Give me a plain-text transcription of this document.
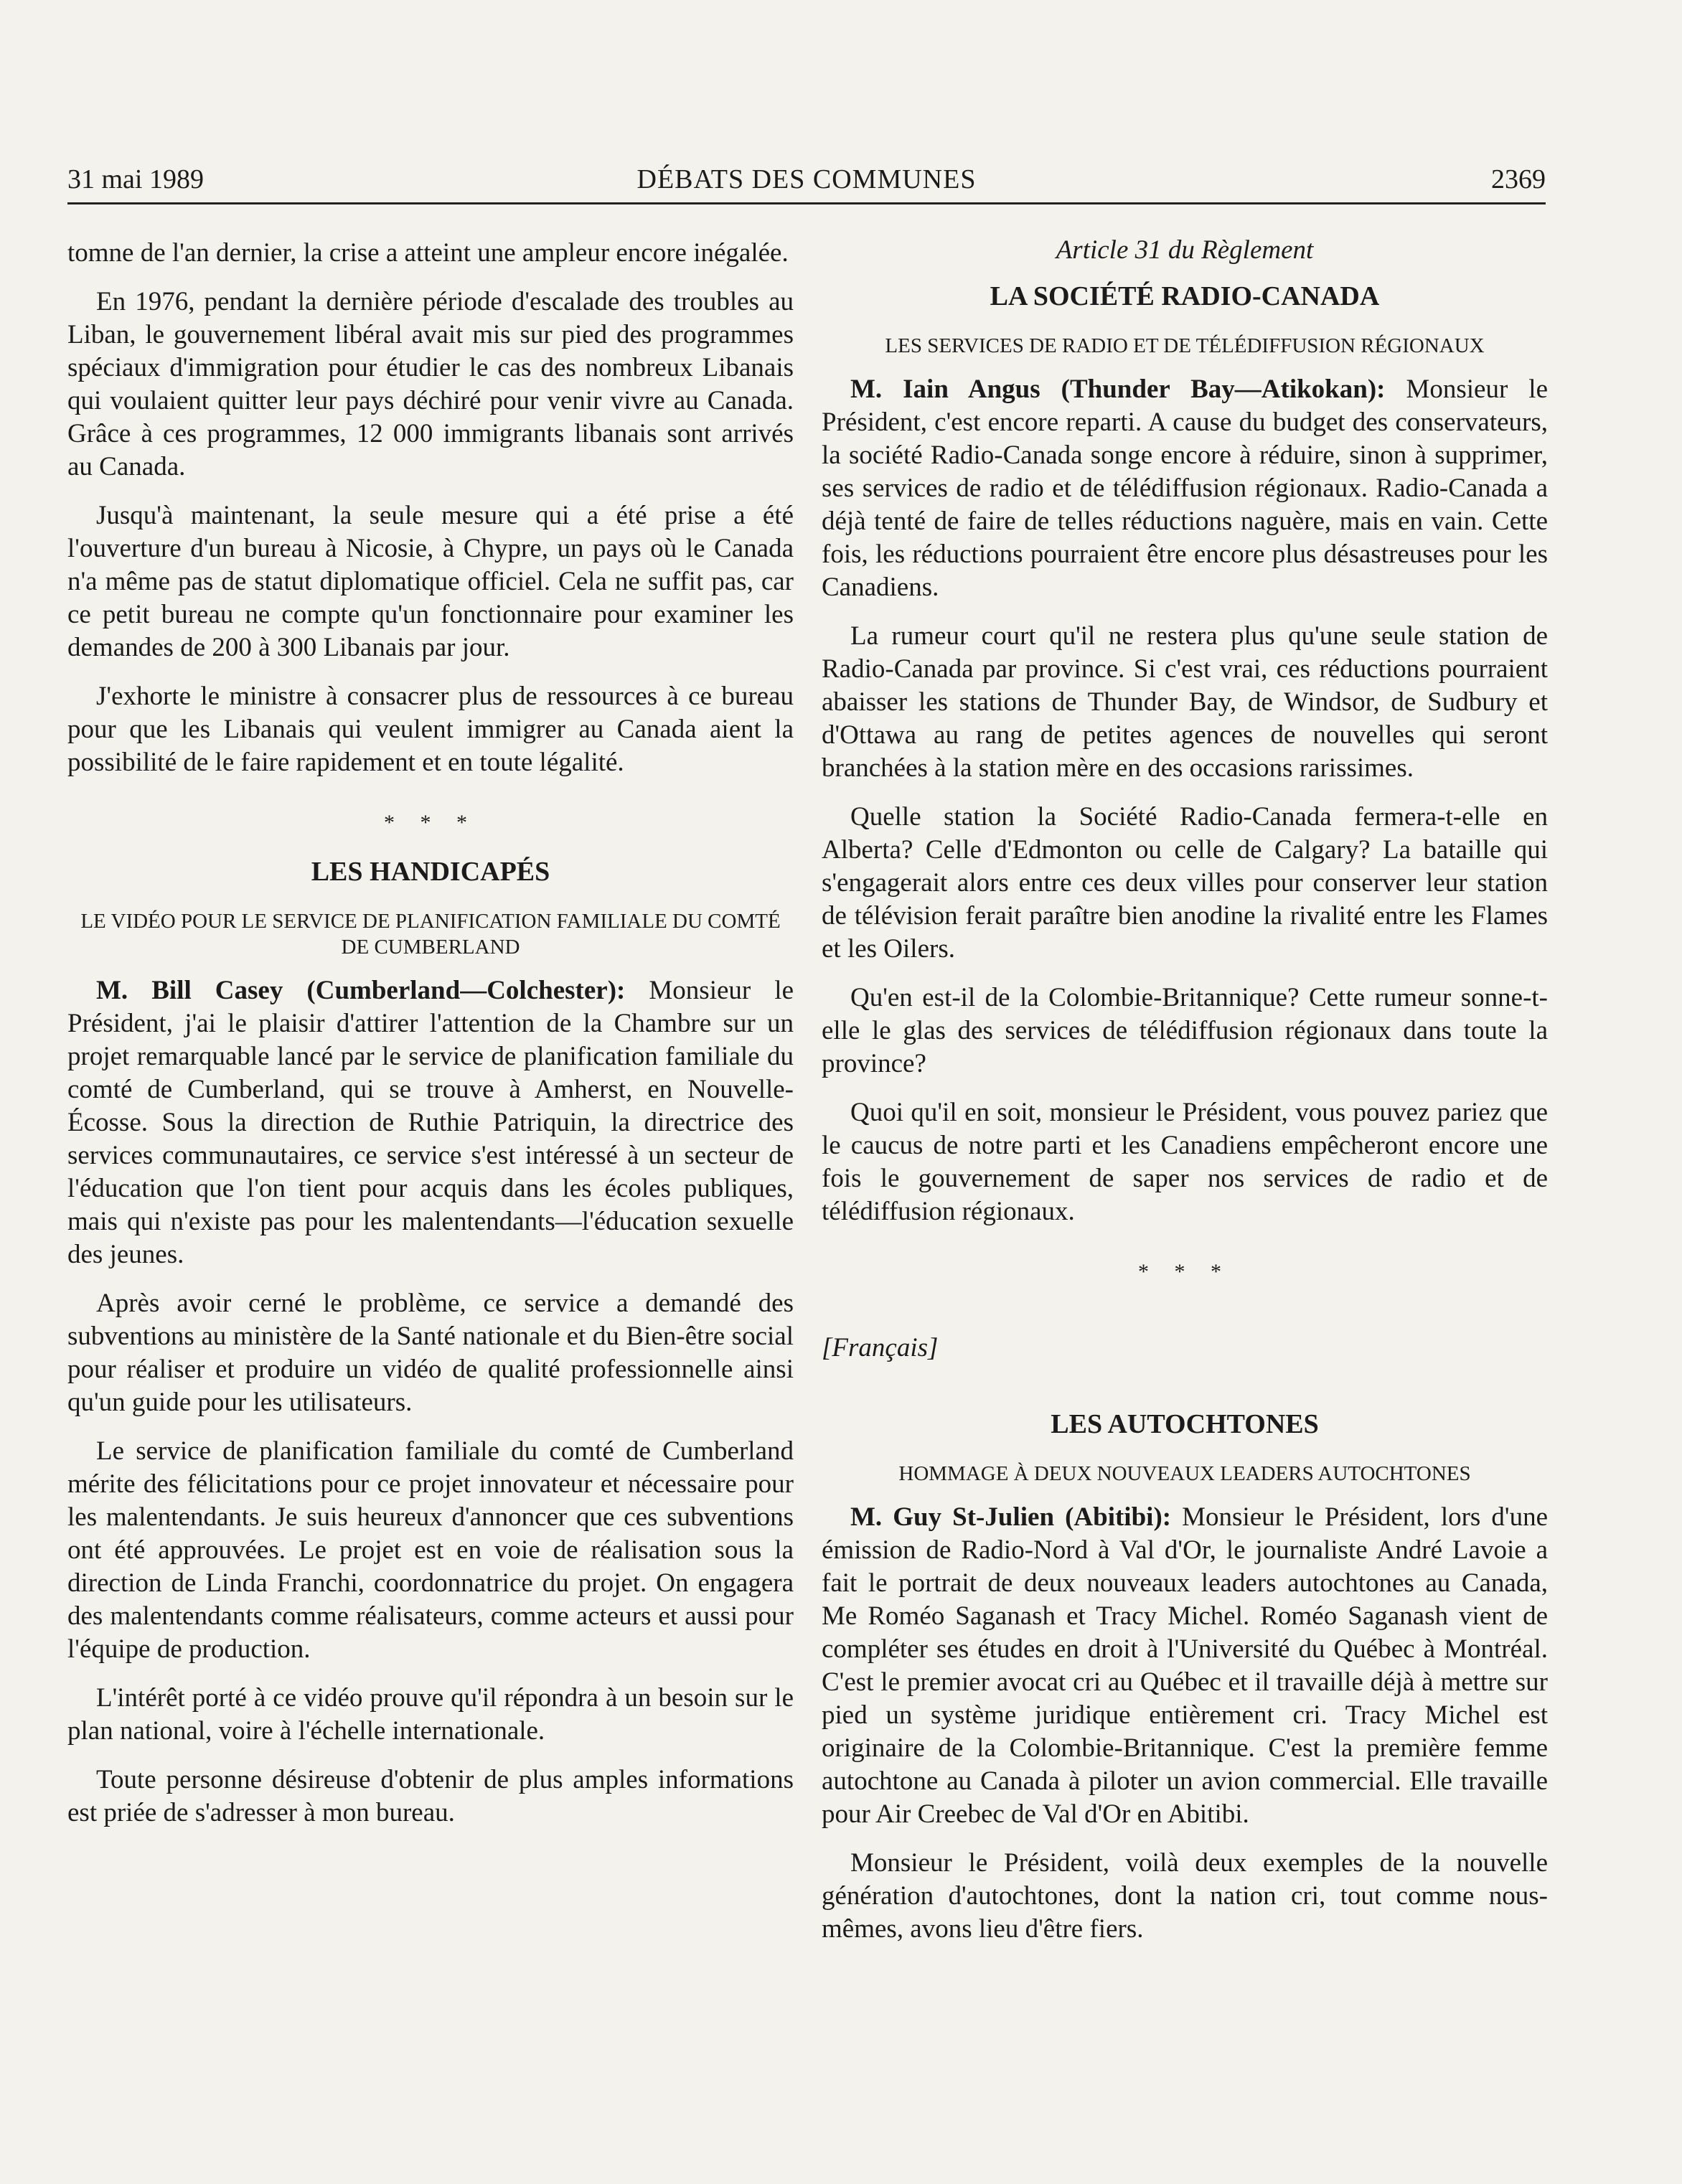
31 mai 1989	DÉBATS DES COMMUNES	2369

tomne de l'an dernier, la crise a atteint une ampleur encore inégalée.

En 1976, pendant la dernière période d'escalade des troubles au Liban, le gouvernement libéral avait mis sur pied des programmes spéciaux d'immigration pour étudier le cas des nombreux Libanais qui voulaient quitter leur pays déchiré pour venir vivre au Canada. Grâce à ces programmes, 12 000 immigrants libanais sont arrivés au Canada.

Jusqu'à maintenant, la seule mesure qui a été prise a été l'ouverture d'un bureau à Nicosie, à Chypre, un pays où le Canada n'a même pas de statut diplomatique officiel. Cela ne suffit pas, car ce petit bureau ne compte qu'un fonctionnaire pour examiner les demandes de 200 à 300 Libanais par jour.

J'exhorte le ministre à consacrer plus de ressources à ce bureau pour que les Libanais qui veulent immigrer au Canada aient la possibilité de le faire rapidement et en toute légalité.

* * *
LES HANDICAPÉS
LE VIDÉO POUR LE SERVICE DE PLANIFICATION FAMILIALE DU COMTÉ DE CUMBERLAND

M. Bill Casey (Cumberland—Colchester): Monsieur le Président, j'ai le plaisir d'attirer l'attention de la Chambre sur un projet remarquable lancé par le service de planification familiale du comté de Cumberland, qui se trouve à Amherst, en Nouvelle-Écosse. Sous la direction de Ruthie Patriquin, la directrice des services communautaires, ce service s'est intéressé à un secteur de l'éducation que l'on tient pour acquis dans les écoles publiques, mais qui n'existe pas pour les malentendants—l'éducation sexuelle des jeunes.

Après avoir cerné le problème, ce service a demandé des subventions au ministère de la Santé nationale et du Bien-être social pour réaliser et produire un vidéo de qualité professionnelle ainsi qu'un guide pour les utilisateurs.

Le service de planification familiale du comté de Cumberland mérite des félicitations pour ce projet innovateur et nécessaire pour les malentendants. Je suis heureux d'annoncer que ces subventions ont été approuvées. Le projet est en voie de réalisation sous la direction de Linda Franchi, coordonnatrice du projet. On engagera des malentendants comme réalisateurs, comme acteurs et aussi pour l'équipe de production.

L'intérêt porté à ce vidéo prouve qu'il répondra à un besoin sur le plan national, voire à l'échelle internationale.

Toute personne désireuse d'obtenir de plus amples informations est priée de s'adresser à mon bureau.

Article 31 du Règlement
LA SOCIÉTÉ RADIO-CANADA
LES SERVICES DE RADIO ET DE TÉLÉDIFFUSION RÉGIONAUX

M. Iain Angus (Thunder Bay—Atikokan): Monsieur le Président, c'est encore reparti. A cause du budget des conservateurs, la société Radio-Canada songe encore à réduire, sinon à supprimer, ses services de radio et de télédiffusion régionaux. Radio-Canada a déjà tenté de faire de telles réductions naguère, mais en vain. Cette fois, les réductions pourraient être encore plus désastreuses pour les Canadiens.

La rumeur court qu'il ne restera plus qu'une seule station de Radio-Canada par province. Si c'est vrai, ces réductions pourraient abaisser les stations de Thunder Bay, de Windsor, de Sudbury et d'Ottawa au rang de petites agences de nouvelles qui seront branchées à la station mère en des occasions rarissimes.

Quelle station la Société Radio-Canada fermera-t-elle en Alberta? Celle d'Edmonton ou celle de Calgary? La bataille qui s'engagerait alors entre ces deux villes pour conserver leur station de télévision ferait paraître bien anodine la rivalité entre les Flames et les Oilers.

Qu'en est-il de la Colombie-Britannique? Cette rumeur sonne-t-elle le glas des services de télédiffusion régionaux dans toute la province?

Quoi qu'il en soit, monsieur le Président, vous pouvez pariez que le caucus de notre parti et les Canadiens empêcheront encore une fois le gouvernement de saper nos services de radio et de télédiffusion régionaux.

* * *
[Français]
LES AUTOCHTONES
HOMMAGE À DEUX NOUVEAUX LEADERS AUTOCHTONES

M. Guy St-Julien (Abitibi): Monsieur le Président, lors d'une émission de Radio-Nord à Val d'Or, le journaliste André Lavoie a fait le portrait de deux nouveaux leaders autochtones au Canada, Me Roméo Saganash et Tracy Michel. Roméo Saganash vient de compléter ses études en droit à l'Université du Québec à Montréal. C'est le premier avocat cri au Québec et il travaille déjà à mettre sur pied un système juridique entièrement cri. Tracy Michel est originaire de la Colombie-Britannique. C'est la première femme autochtone au Canada à piloter un avion commercial. Elle travaille pour Air Creebec de Val d'Or en Abitibi.

Monsieur le Président, voilà deux exemples de la nouvelle génération d'autochtones, dont la nation cri, tout comme nous-mêmes, avons lieu d'être fiers.
